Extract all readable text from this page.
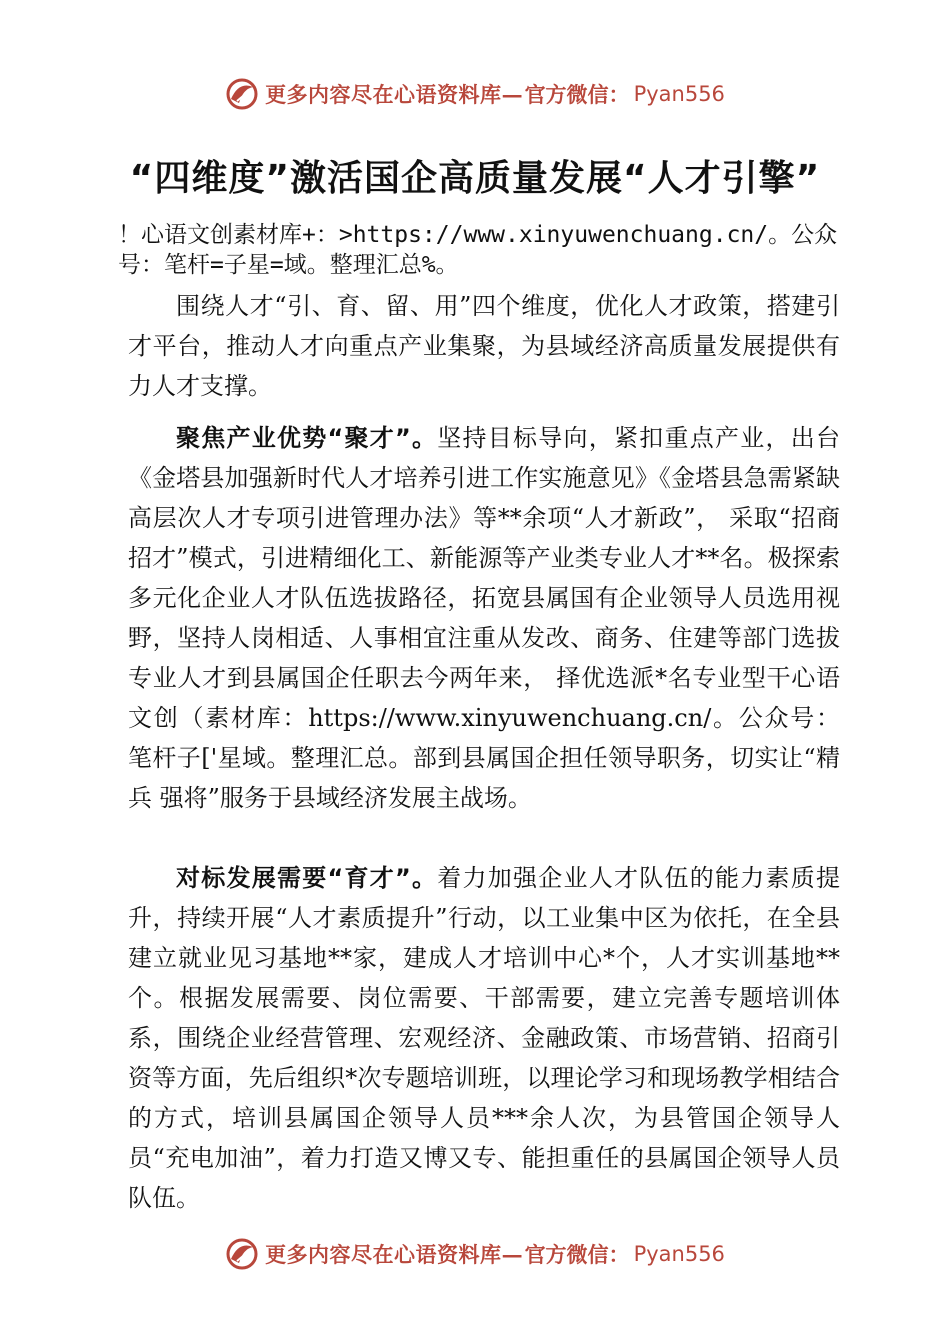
更多内容尽在心语资料库 — 官方微信： Pyan556
“四维度”激活国企高质量发展“人才引擎”
！心语文创素材库+：>https://www.xinyuwenchuang.cn/。公众号：笔杆=子星=域。整理汇总%。

围绕人才“引、育、留、用”四个维度，优化人才政策，搭建引才平台，推动人才向重点产业集聚，为县域经济高质量发展提供有力人才支撑。

聚焦产业优势“聚才”。坚持目标导向，紧扣重点产业，出台《金塔县加强新时代人才培养引进工作实施意见》《金塔县急需紧缺高层次人才专项引进管理办法》等**余项“人才新政”， 采取“招商招才”模式，引进精细化工、新能源等产业类专业人才**名。极探索多元化企业人才队伍选拔路径，拓宽县属国有企业领导人员选用视野，坚持人岗相适、人事相宜注重从发改、商务、住建等部门选拔专业人才到县属国企任职去今两年来， 择优选派*名专业型干心语文创（素材库：https://www.xinyuwenchuang.cn/。公众号：笔杆子['星域。整理汇总。部到县属国企担任领导职务，切实让“精兵 强将”服务于县域经济发展主战场。

对标发展需要“育才”。着力加强企业人才队伍的能力素质提升，持续开展“人才素质提升”行动，以工业集中区为依托，在全县建立就业见习基地**家，建成人才培训中心*个，人才实训基地**个。根据发展需要、岗位需要、干部需要，建立完善专题培训体系，围绕企业经营管理、宏观经济、金融政策、市场营销、招商引资等方面，先后组织*次专题培训班，以理论学习和现场教学相结合的方式，培训县属国企领导人员***余人次，为县管国企领导人员“充电加油”，着力打造又博又专、能担重任的县属国企领导人员队伍。

更多内容尽在心语资料库 — 官方微信： Pyan556
